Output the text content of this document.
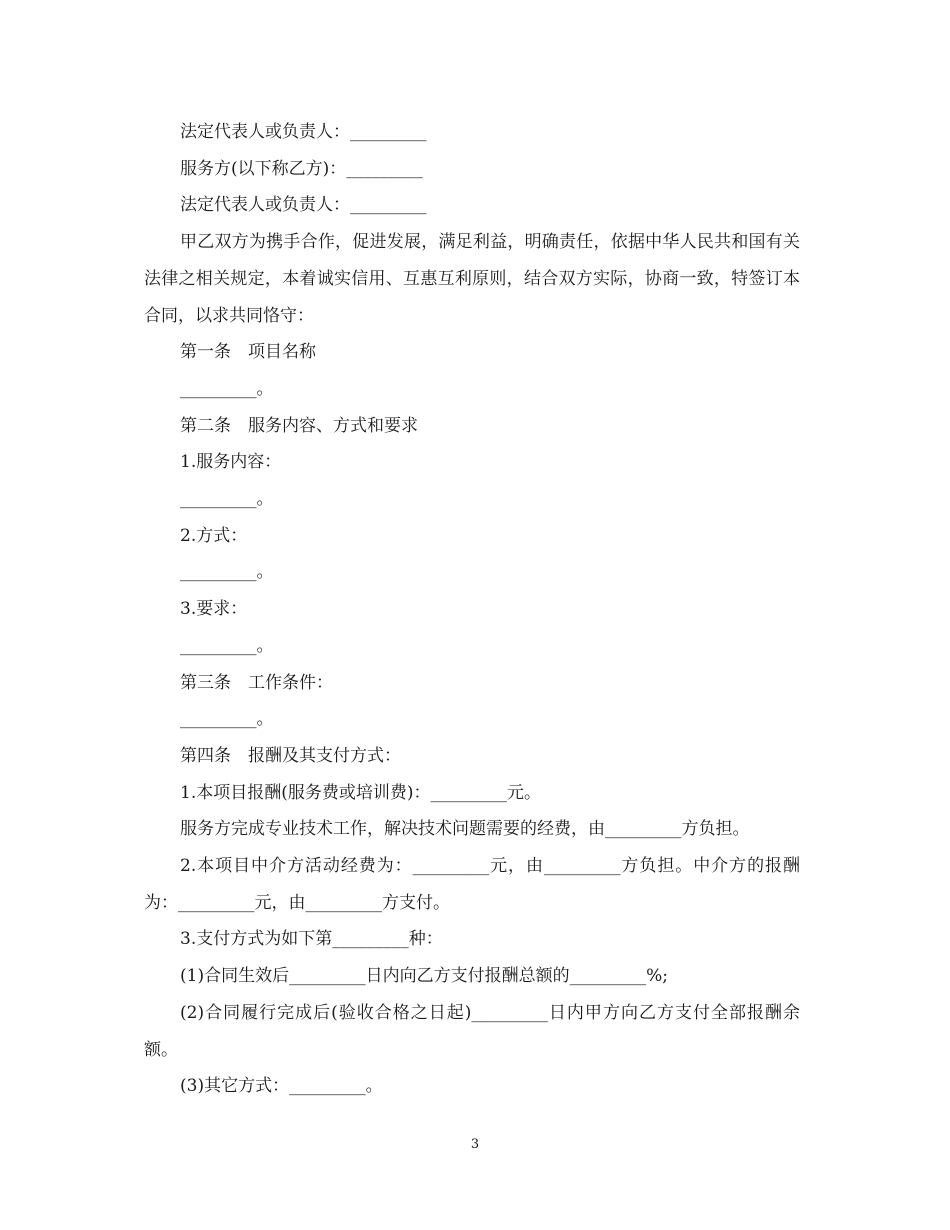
法定代表人或负责人：_________

服务方(以下称乙方)：_________

法定代表人或负责人：_________

甲乙双方为携手合作，促进发展，满足利益，明确责任，依据中华人民共和国有关法律之相关规定，本着诚实信用、互惠互利原则，结合双方实际，协商一致，特签订本合同，以求共同恪守：

第一条　项目名称

_________。

第二条　服务内容、方式和要求

1.服务内容：

_________。

2.方式：

_________。

3.要求：

_________。

第三条　工作条件：

_________。

第四条　报酬及其支付方式：

1.本项目报酬(服务费或培训费)：_________元。

服务方完成专业技术工作，解决技术问题需要的经费，由_________方负担。

2.本项目中介方活动经费为：_________元，由_________方负担。中介方的报酬为：_________元，由_________方支付。

3.支付方式为如下第_________种：

(1)合同生效后_________日内向乙方支付报酬总额的_________%;

(2)合同履行完成后(验收合格之日起)_________日内甲方向乙方支付全部报酬余额。

(3)其它方式：_________。

3
